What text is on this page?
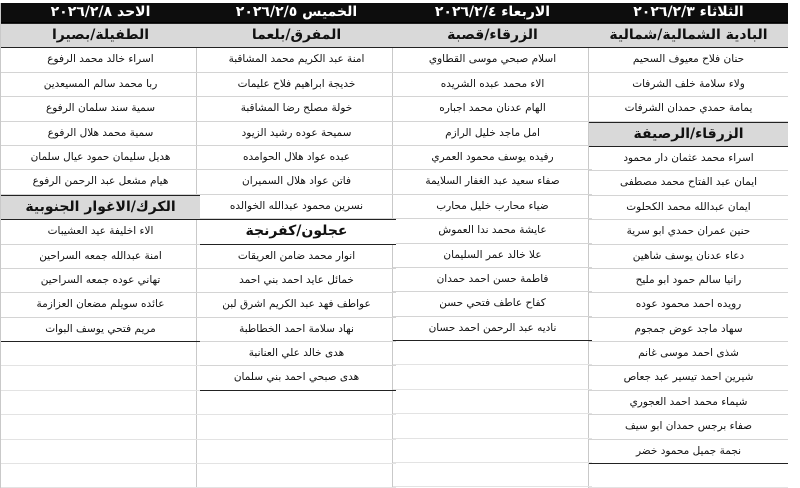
الثلاثاء ٢٠٢٦/٢/٣
البادية الشمالية/شمالية
حنان فلاح معيوف السحيم
ولاء سلامة خلف الشرفات
يمامة حمدي حمدان الشرفات
الزرقاء/الرصيفة
اسراء محمد عثمان دار محمود
ايمان عبد الفتاح محمد مصطفى
ايمان عبدالله محمد الكحلوت
حنين عمران حمدي ابو سرية
دعاء عدنان يوسف شاهين
رانيا سالم حمود ابو مليح
رويده احمد محمود عوده
سهاد ماجد عوض جمجوم
شذى احمد موسى غانم
شيرين احمد تيسير عبد جعاص
شيماء محمد احمد العجوري
صفاء برجس حمدان ابو سيف
نجمة جميل محمود خضر
الاربعاء ٢٠٢٦/٢/٤
الزرقاء/قصبة
اسلام صبحي موسى القطاوي
الاء محمد عبده الشريده
الهام عدنان محمد اجباره
امل ماجد خليل الرازم
رفيده يوسف محمود العمري
صفاء سعيد عبد الغفار السلايمة
ضياء محارب خليل محارب
عايشة محمد ندا العموش
علا خالد عمر السليمان
فاطمة حسن احمد حمدان
كفاح عاطف فتحي حسن
ناديه عبد الرحمن احمد حسان
الخميس ٢٠٢٦/٢/٥
المفرق/بلعما
امنة عبد الكريم محمد المشاقبة
خديجة ابراهيم فلاح عليمات
خولة مصلح رضا المشاقبة
سميحة عوده رشيد الزيود
عبده عواد هلال الحوامده
فاتن عواد هلال السميران
نسرين محمود عبدالله الخوالده
عجلون/كفرنجة
انوار محمد ضامن العريقات
خمائل عايد احمد بني احمد
عواطف فهد عبد الكريم اشرق لبن
نهاد سلامة احمد الخطاطبة
هدى خالد علي العنانبة
هدى صبحي احمد بني سلمان
الاحد ٢٠٢٦/٢/٨
الطفيلة/بصيرا
اسراء خالد محمد الرفوع
ربا محمد سالم المسيعدين
سمية سند سلمان الرفوع
سمية محمد هلال الرفوع
هديل سليمان حمود عيال سلمان
هيام مشعل عبد الرحمن الرفوع
الكرك/الاغوار الجنوبية
الاء اخليفة عيد العشيبات
امنة عبدالله جمعه السراحين
تهاني عوده جمعه السراحين
عائده سويلم مضعان العزازمة
مريم فتحي يوسف البوات
